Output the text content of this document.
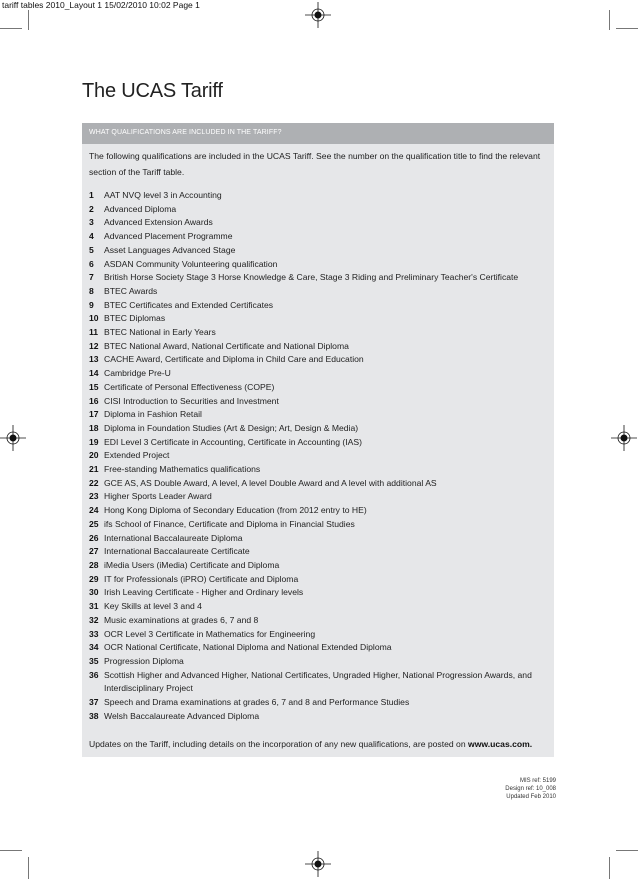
tariff tables 2010_Layout 1 15/02/2010 10:02 Page 1
The UCAS Tariff
WHAT QUALIFICATIONS ARE INCLUDED IN THE TARIFF?
The following qualifications are included in the UCAS Tariff. See the number on the qualification title to find the relevant section of the Tariff table.
1	AAT NVQ level 3 in Accounting
2	Advanced Diploma
3	Advanced Extension Awards
4	Advanced Placement Programme
5	Asset Languages Advanced Stage
6	ASDAN Community Volunteering qualification
7	British Horse Society Stage 3 Horse Knowledge & Care, Stage 3 Riding and Preliminary Teacher's Certificate
8	BTEC Awards
9	BTEC Certificates and Extended Certificates
10 BTEC Diplomas
11 BTEC National in Early Years
12 BTEC National Award, National Certificate and National Diploma
13 CACHE Award, Certificate and Diploma in Child Care and Education
14 Cambridge Pre-U
15 Certificate of Personal Effectiveness (COPE)
16 CISI Introduction to Securities and Investment
17 Diploma in Fashion Retail
18 Diploma in Foundation Studies (Art & Design; Art, Design & Media)
19 EDI Level 3 Certificate in Accounting, Certificate in Accounting (IAS)
20 Extended Project
21 Free-standing Mathematics qualifications
22 GCE AS, AS Double Award, A level, A level Double Award and A level with additional AS
23 Higher Sports Leader Award
24 Hong Kong Diploma of Secondary Education (from 2012 entry to HE)
25 ifs School of Finance, Certificate and Diploma in Financial Studies
26 International Baccalaureate Diploma
27 International Baccalaureate Certificate
28 iMedia Users (iMedia) Certificate and Diploma
29 IT for Professionals (iPRO) Certificate and Diploma
30 Irish Leaving Certificate - Higher and Ordinary levels
31 Key Skills at level 3 and 4
32 Music examinations at grades 6, 7 and 8
33 OCR Level 3 Certificate in Mathematics for Engineering
34 OCR National Certificate, National Diploma and National Extended Diploma
35 Progression Diploma
36 Scottish Higher and Advanced Higher, National Certificates, Ungraded Higher, National Progression Awards, and Interdisciplinary Project
37 Speech and Drama examinations at grades 6, 7 and 8 and Performance Studies
38 Welsh Baccalaureate Advanced Diploma
Updates on the Tariff, including details on the incorporation of any new qualifications, are posted on www.ucas.com.
MIS ref: 5199
Design ref: 10_008
Updated Feb 2010
